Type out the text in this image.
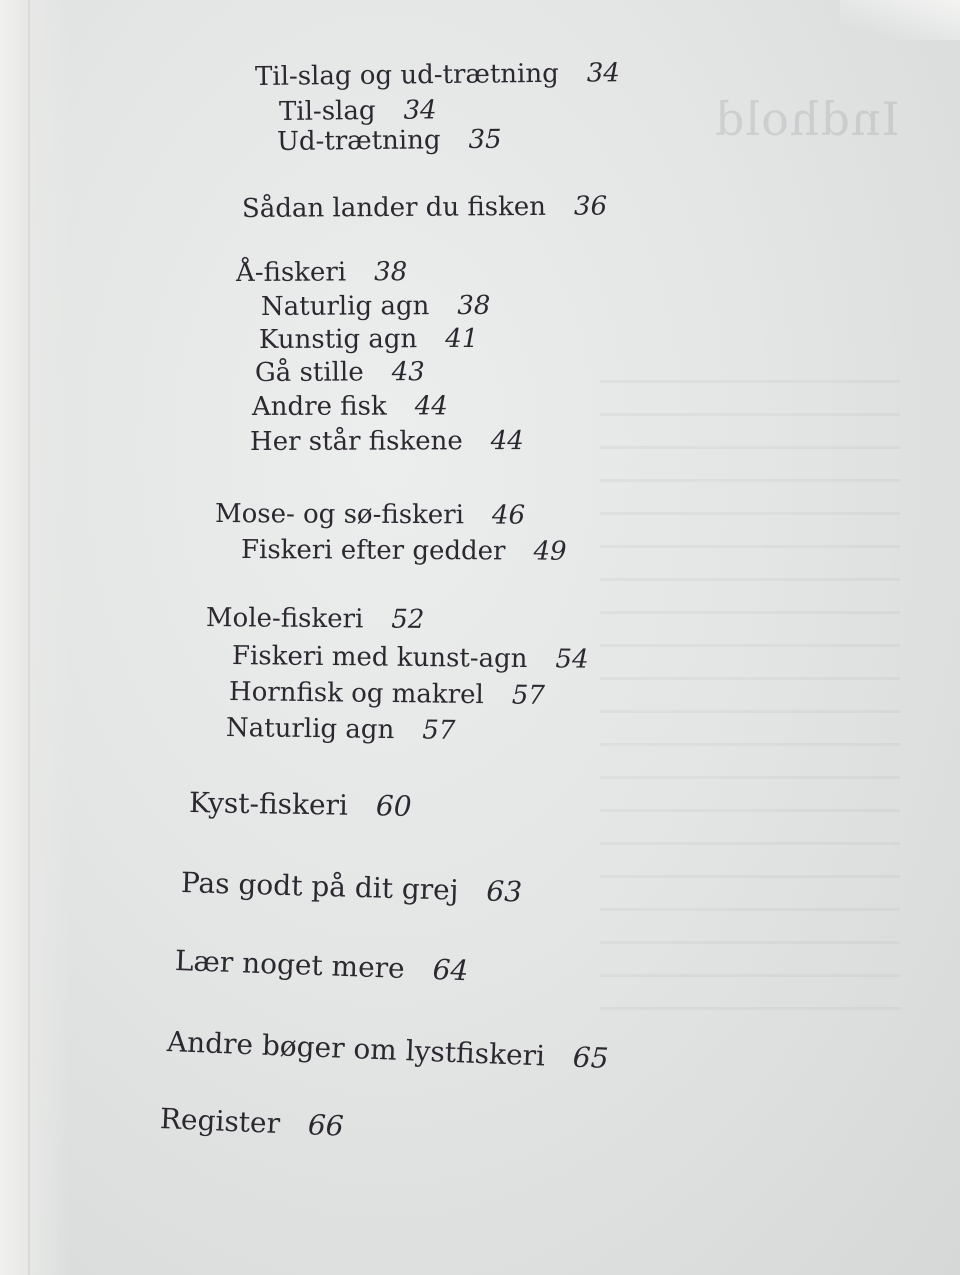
Indhold
Til-slag og ud-trætning 34
Til-slag 34
Ud-trætning 35
Sådan lander du fisken 36
Å-fiskeri 38
Naturlig agn 38
Kunstig agn 41
Gå stille 43
Andre fisk 44
Her står fiskene 44
Mose- og sø-fiskeri 46
Fiskeri efter gedder 49
Mole-fiskeri 52
Fiskeri med kunst-agn 54
Hornfisk og makrel 57
Naturlig agn 57
Kyst-fiskeri 60
Pas godt på dit grej 63
Lær noget mere 64
Andre bøger om lystfiskeri 65
Register 66
